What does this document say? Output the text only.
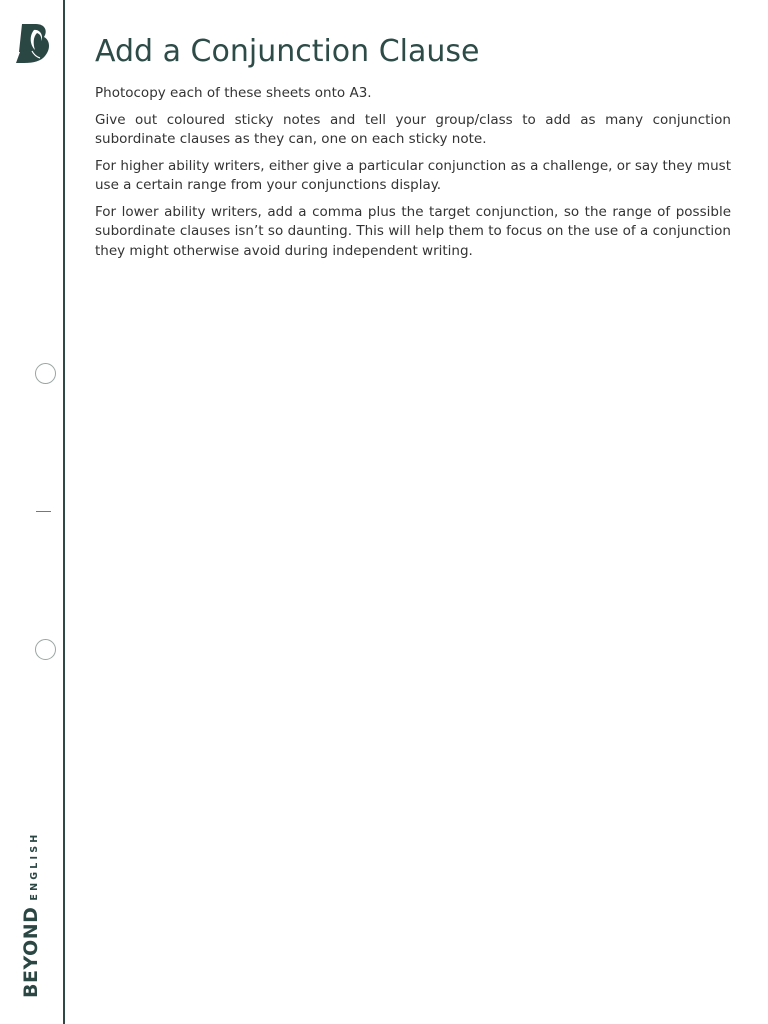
BEYONDENGLISH
Add a Conjunction Clause

Photocopy each of these sheets onto A3.

Give out coloured sticky notes and tell your group/class to add as many conjunction subordinate clauses as they can, one on each sticky note.

For higher ability writers, either give a particular conjunction as a challenge, or say they must use a certain range from your conjunctions display.

For lower ability writers, add a comma plus the target conjunction, so the range of possible subordinate clauses isn’t so daunting. This will help them to focus on the use of a conjunction they might otherwise avoid during independent writing.
